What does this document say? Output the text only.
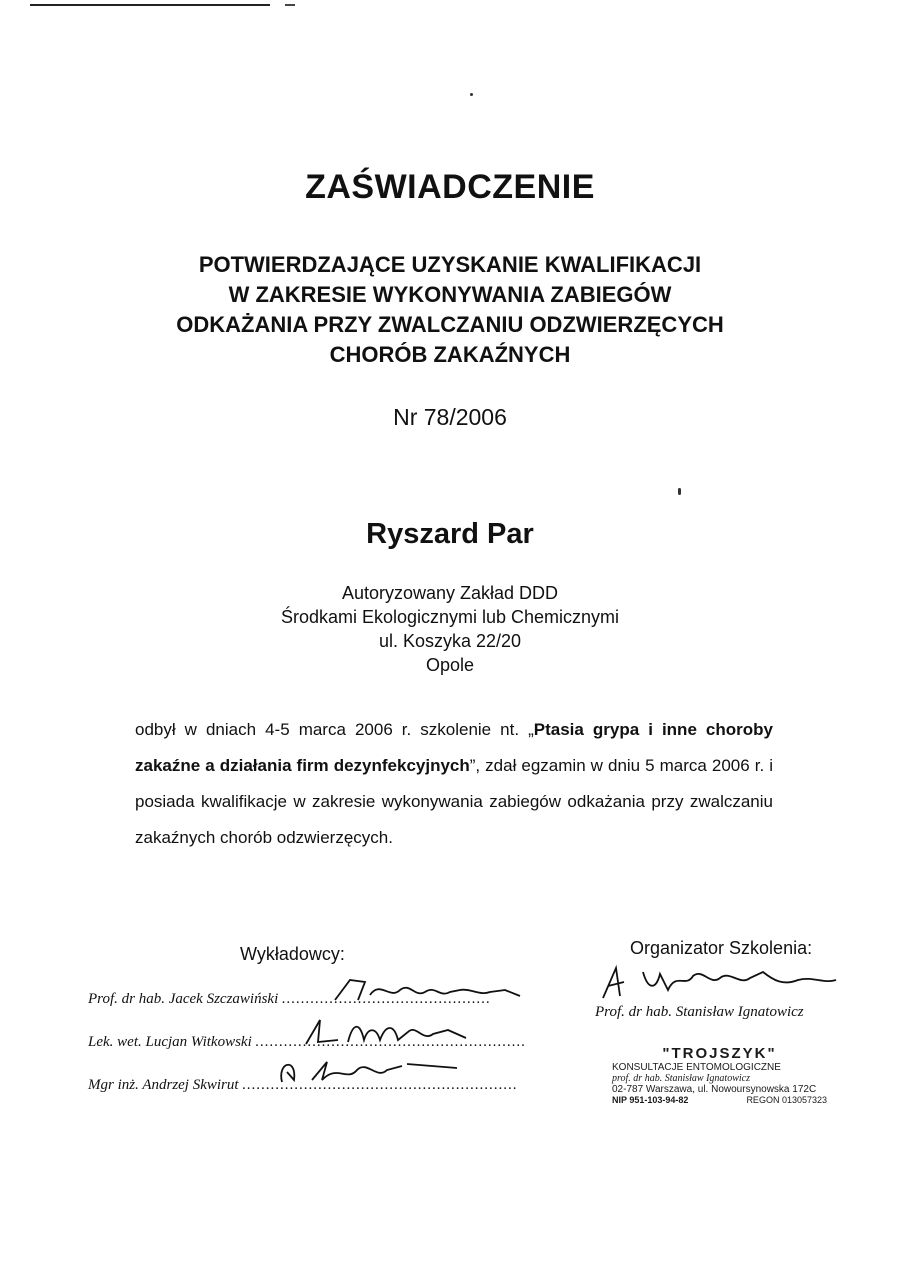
ZAŚWIADCZENIE
POTWIERDZAJĄCE UZYSKANIE KWALIFIKACJI
W ZAKRESIE WYKONYWANIA ZABIEGÓW
ODKAŻANIA PRZY ZWALCZANIU ODZWIERZĘCYCH
CHORÓB ZAKAŹNYCH
Nr 78/2006
Ryszard Par
Autoryzowany Zakład DDD
Środkami Ekologicznymi lub Chemicznymi
ul. Koszyka 22/20
Opole
odbył w dniach 4-5 marca 2006 r. szkolenie nt. „Ptasia grypa i inne choroby zakaźne a działania firm dezynfekcyjnych”, zdał egzamin w dniu 5 marca 2006 r. i posiada kwalifikacje w zakresie wykonywania zabiegów odkażania przy zwalczaniu zakaźnych chorób odzwierzęcych.
Wykładowcy:	Organizator Szkolenia:
Prof. dr hab. Jacek Szczawiński ............................................
Lek. wet. Lucjan Witkowski .........................................................
Mgr inż. Andrzej Skwirut ..........................................................
Prof. dr hab. Stanisław Ignatowicz
"TROJSZYK"
KONSULTACJE ENTOMOLOGICZNE
prof. dr hab. Stanisław Ignatowicz
02-787 Warszawa, ul. Nowoursynowska 172C
NIP 951-103-94-82	REGON 013057323
